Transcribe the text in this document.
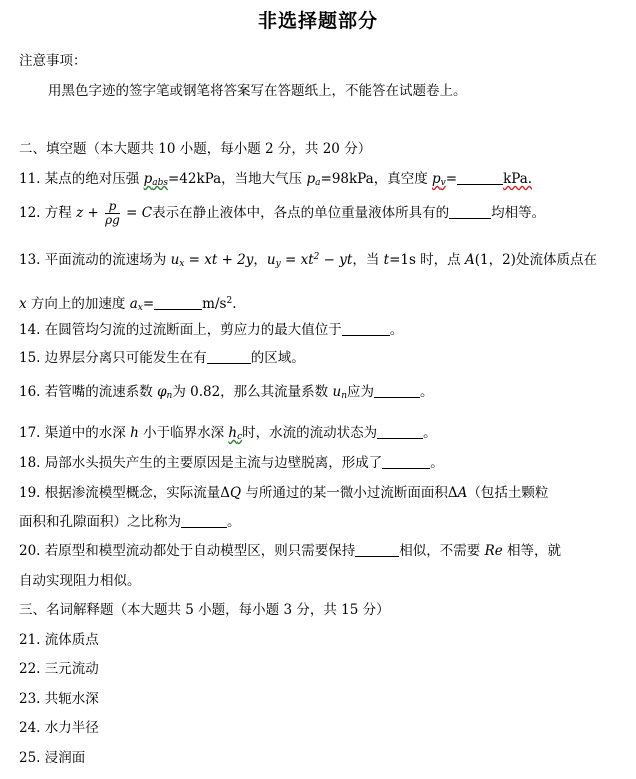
非选择题部分
注意事项：
用黑色字迹的签字笔或钢笔将答案写在答题纸上，不能答在试题卷上。
二、填空题（本大题共 10 小题，每小题 2 分，共 20 分）
11. 某点的绝对压强 $p_{abs}=42kPa$，当地大气压 $p_a=98kPa$，真空度 $p_v=$	kPa.
12. 方程 $z + \frac{p}{\rho g} = C$表示在静止液体中，各点的单位重量液体所具有的	均相等。
13. 平面流动的流速场为 $u_x$ = xt + 2y，$u_y = xt^2$ − yt，当 t=1s 时，点 A(1，2)处流体质点在
x 方向上的加速度 $a_x=$	$m/s^2$.
14. 在圆管均匀流的过流断面上，剪应力的最大值位于	。
15. 边界层分离只可能发生在有	的区域。
16. 若管嘴的流速系数 $\varphi_n$为 0.82，那么其流量系数 $u_n$应为	。
17. 渠道中的水深 h 小于临界水深 $h_c$时，水流的流动状态为	。
18. 局部水头损失产生的主要原因是主流与边壁脱离，形成了	。
19. 根据渗流模型概念，实际流量ΔQ 与所通过的某一微小过流断面面积ΔA（包括土颗粒
面积和孔隙面积）之比称为	。
20. 若原型和模型流动都处于自动模型区，则只需要保持	相似，不需要 Re 相等，就
自动实现阻力相似。
三、名词解释题（本大题共 5 小题，每小题 3 分，共 15 分）
21. 流体质点
22. 三元流动
23. 共轭水深
24. 水力半径
25. 浸润面
